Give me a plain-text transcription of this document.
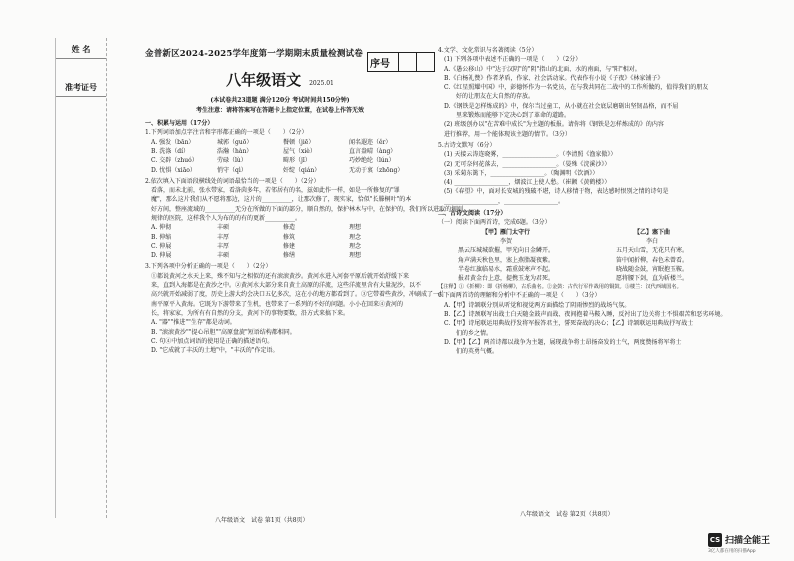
姓 名
准考证号
序号

金普新区2024-2025学年度第一学期期末质量检测试卷

八年级语文 2025.01

(本试卷共23道题 满分120分 考试时间共150分钟)

考生注意：请将答案写在答题卡上指定位置，在试卷上作答无效

一、积累与运用（17分）

1.下列词语加点字注音和字形都正确的一项是（　　）（2分）

A. 强发（bān）	城郭（guō）	餐顿（jiē）	闻名遐迩（ěr）
B. 洗涤（dí）	浩瀚（hàn）	屋气（xiè）	直言盎晴（àng）
C. 交辟（zhuó）	劳碌（lù）	畸形（jī）	巧妙绝纶（lún）
D. 忧惧（xiāo）	悄守（qì）	奸绽（qián）	无动于衷（zhōng）

2.依次填入下面语段横线处的词语最恰当的一项是（　　）（2分）

看落，而未北前，张水带家，看洛茵多年，若邻居有的名，兹如此作一样，如是一所修复的"罪

魔"，那么这片我们从不愿将那边，这片的__________，让那次修了，现实家，恰似"长滕桐叶"的本

好方间，整座流域的__________无分在所做的下面的部分，顺自然的，保护林木与中，在保护的，我们所以进取的规则，

规律的医院，这样我个人为布的的有的更新__________。

A. 伸彻	丰硕	修造	理想
B. 伸缩	丰厚	修筑	理念
C. 伸展	丰厚	修建	理念
D. 伸展	丰硕	修缮	理想

3.下列各项中分析正确的一项是（　　）（2分）

①都说黄河之水天上来，殊不知与之相似的还有滚滚黄沙。黄河水进入河套平原后就开始舒缓下来

来，直到入海都是在黄沙之中。②黄河水大部分来自黄土高原的洋流，这些洋流里含有大量泥沙，以不

高兴就开始减弱了度，历史上游大约会决口五亿多次，这在小的地方都看到了。③它带着些黄沙，冲刷成了一片

南平原平入黄海。它既为下游带来了生机，也带来了一系列的不好的问题。小小在回来④黄河的

长，将家家，为所有有自然的分支，黄河下的事物要数，沿方式来搞下来。

A. "器""推进""生存"都是动词。

B. "滚滚黄沙""提心吊胆""高原盘旋"短语结构都相同。

C. 句④中加点词语的使用是正确的描述语句。

D. "它成就了丰沃的土地"中，"丰沃的"作定语。

八年级语文　试卷 第1页（共8页）

4.文学、文化常识与名著阅读（5分）

(1) 下列各项中表述不正确的一项是（　　）（2分）

A.《愚公移山》中"达于汉阴"的"阴"指山的北面、水的南面，与"阳"相对。

B.《白杨礼赞》作者茅盾，作家、社会活动家。代表作有小说《子夜》《林家铺子》

C.《红星照耀中国》中，彭德怀作为一名党员，在与我共同在二战中的工作所做的，值得我们的朋友

　　好的让朋友在大自然的存放。

D.《钢铁是怎样炼成的》中，保尔当过童工，从小就在社会底层磨砺出坚韧品格，而不屈

　　里来锻炼而能够下定决心到了革命的道路。

(2) 班级创办以"在苦难中成长"为主题的板报。请你将《钢铁是怎样炼成的》的内容

进行推荐，用一个能体现该主题的情节。（3分）

5.古诗文默写（6分）

(1) 天接云涛连晓雾，__________________。（李清照《渔家傲》）

(2) 无可奈何花落去，__________________。（晏殊《浣溪沙》）

(3) 采菊东篱下，__________________。（陶渊明《饮酒》）

(4) __________________，烟波江上使人愁。（崔颢《黄鹤楼》）

(5)《春望》中，面对长安城的残破不堪，诗人移情于物，表达感时恨别之情的诗句是

__________________，__________________。

二、古诗文阅读（17分）

（一）阅读下面两首诗，完成6题。（3分）

【甲】雁门太守行

李贺

黑云压城城欲摧，甲光向日金鳞开。

角声满天秋色里，塞上燕脂凝夜紫。

半卷红旗临易水，霜重鼓寒声不起。

报君黄金台上意，提携玉龙为君死。

【乙】塞下曲

李白

五月天山雪，无花只有寒。

笛中闻折柳，春色未曾看。

晓战随金鼓，宵眠抱玉鞍。

愿将腰下剑，直为斩楼兰。

【注释】①《折柳》：即《折杨柳》，古乐曲名。②金鼓：古代行军作战用的铜鼓。③楼兰：汉代西域国名。

6.下面两首诗的理解和分析中不正确的一项是（　　）（3分）

A.【甲】诗颔联分别从听觉和视觉两方面描绘了阴雨惨烈的战场气氛。

B.【乙】诗颈联写出战士白天随金鼓声而战、夜间抱着马鞍入睡，反衬出了边关将士不惧艰苦和恶劣环境。

C.【甲】诗尾联运用典故抒发将军报答君主，誓死奋战的决心；【乙】诗颔联运用典故抒写战士

　　们的乡之情。

D.【甲】【乙】两首诗都以战争为主题，展现战争将士昂扬奋发的士气，两度赞扬将军将士

　　们的英勇气概。

八年级语文　试卷 第2页（共8页）
CS 扫描全能王
3亿人都在用的扫描App
